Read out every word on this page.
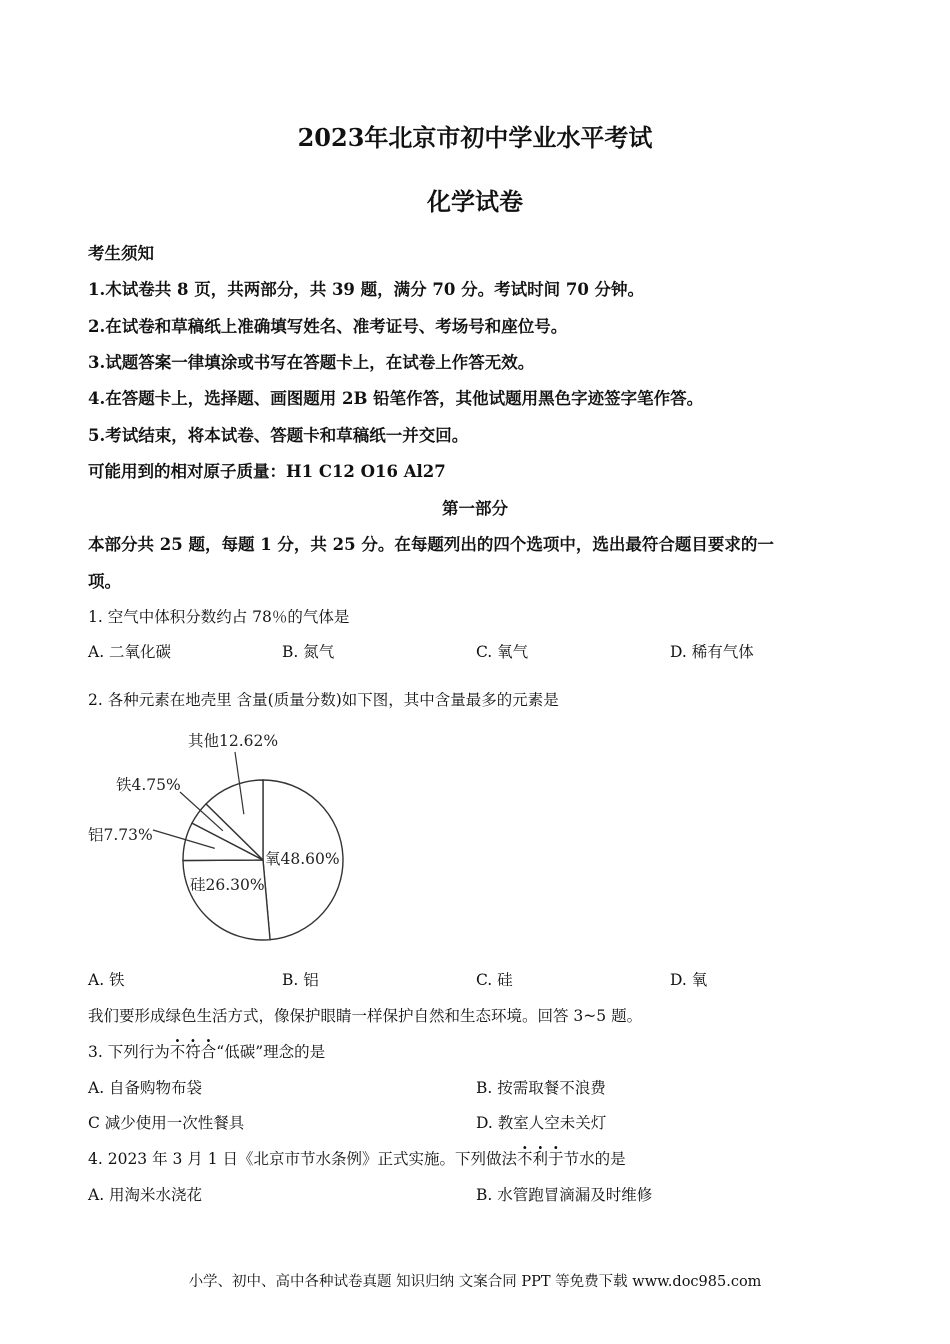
2023年北京市初中学业水平考试
化学试卷
考生须知
1.木试卷共 8 页，共两部分，共 39 题，满分 70 分。考试时间 70 分钟。
2.在试卷和草稿纸上准确填写姓名、准考证号、考场号和座位号。
3.试题答案一律填涂或书写在答题卡上，在试卷上作答无效。
4.在答题卡上，选择题、画图题用 2B 铅笔作答，其他试题用黑色字迹签字笔作答。
5.考试结束，将本试卷、答题卡和草稿纸一并交回。
可能用到的相对原子质量：H1 C12 O16 Al27
第一部分
本部分共 25 题，每题 1 分，共 25 分。在每题列出的四个选项中，选出最符合题目要求的一
项。
1. 空气中体积分数约占 78％的气体是
A. 二氧化碳	B. 氮气	C. 氧气	D. 稀有气体
2. 各种元素在地壳里 含量(质量分数)如下图，其中含量最多的元素是
氧48.60%
硅26.30%
铝7.73%
铁4.75%
其他12.62%
A. 铁	B. 铝	C. 硅	D. 氧
我们要形成绿色生活方式，像保护眼睛一样保护自然和生态环境。回答 3~5 题。
3. 下列行为不符合“低碳”理念的是
A. 自备购物布袋	B. 按需取餐不浪费
C 减少使用一次性餐具	D. 教室人空未关灯
4. 2023 年 3 月 1 日《北京市节水条例》正式实施。下列做法不利于节水的是
A. 用淘米水浇花	B. 水管跑冒滴漏及时维修
小学、初中、高中各种试卷真题 知识归纳 文案合同 PPT 等免费下载 www.doc985.com
